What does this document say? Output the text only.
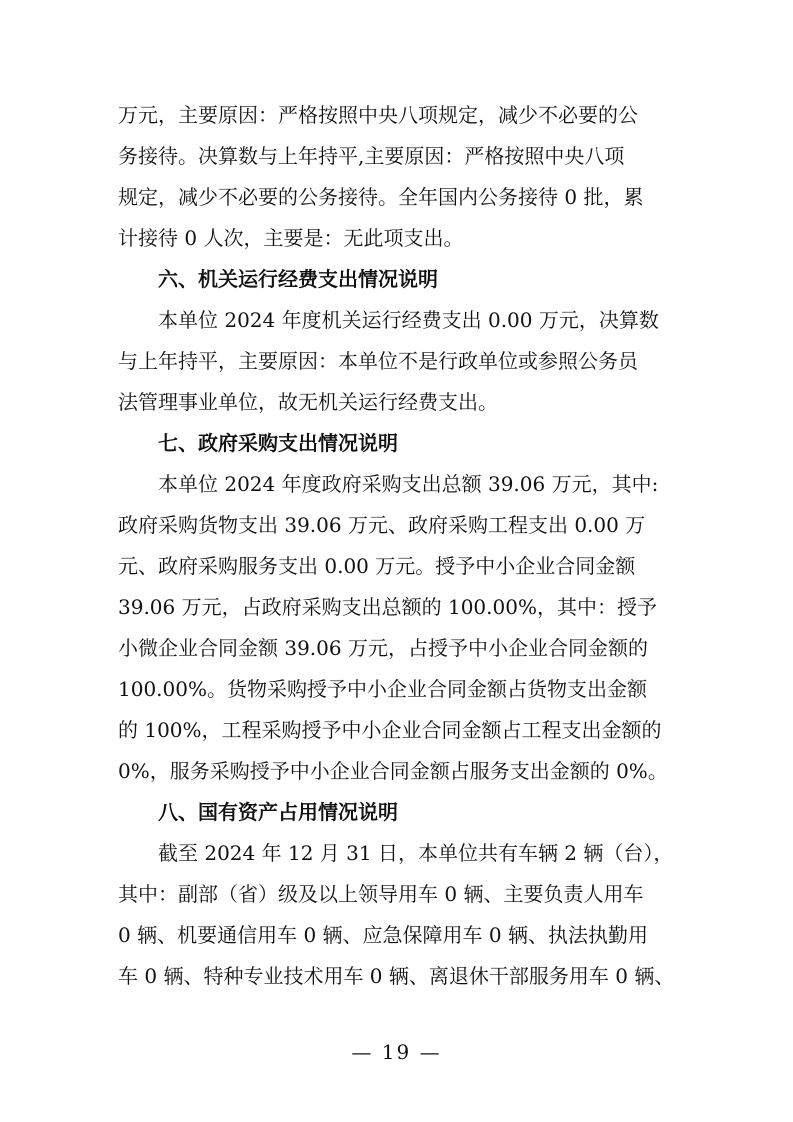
万元，主要原因：严格按照中央八项规定，减少不必要的公
务接待。决算数与上年持平,主要原因：严格按照中央八项
规定，减少不必要的公务接待。全年国内公务接待 0 批，累
计接待 0 人次，主要是：无此项支出。
六、机关运行经费支出情况说明
本单位 2024 年度机关运行经费支出 0.00 万元，决算数
与上年持平，主要原因：本单位不是行政单位或参照公务员
法管理事业单位，故无机关运行经费支出。
七、政府采购支出情况说明
本单位 2024 年度政府采购支出总额 39.06 万元，其中:
政府采购货物支出 39.06 万元、政府采购工程支出 0.00 万
元、政府采购服务支出 0.00 万元。授予中小企业合同金额
39.06 万元，占政府采购支出总额的 100.00%，其中：授予
小微企业合同金额 39.06 万元，占授予中小企业合同金额的
100.00%。货物采购授予中小企业合同金额占货物支出金额
的 100%，工程采购授予中小企业合同金额占工程支出金额的
0%，服务采购授予中小企业合同金额占服务支出金额的 0%。
八、国有资产占用情况说明
截至 2024 年 12 月 31 日，本单位共有车辆 2 辆（台），
其中：副部（省）级及以上领导用车 0 辆、主要负责人用车
0 辆、机要通信用车 0 辆、应急保障用车 0 辆、执法执勤用
车 0 辆、特种专业技术用车 0 辆、离退休干部服务用车 0 辆、
— 19 —
